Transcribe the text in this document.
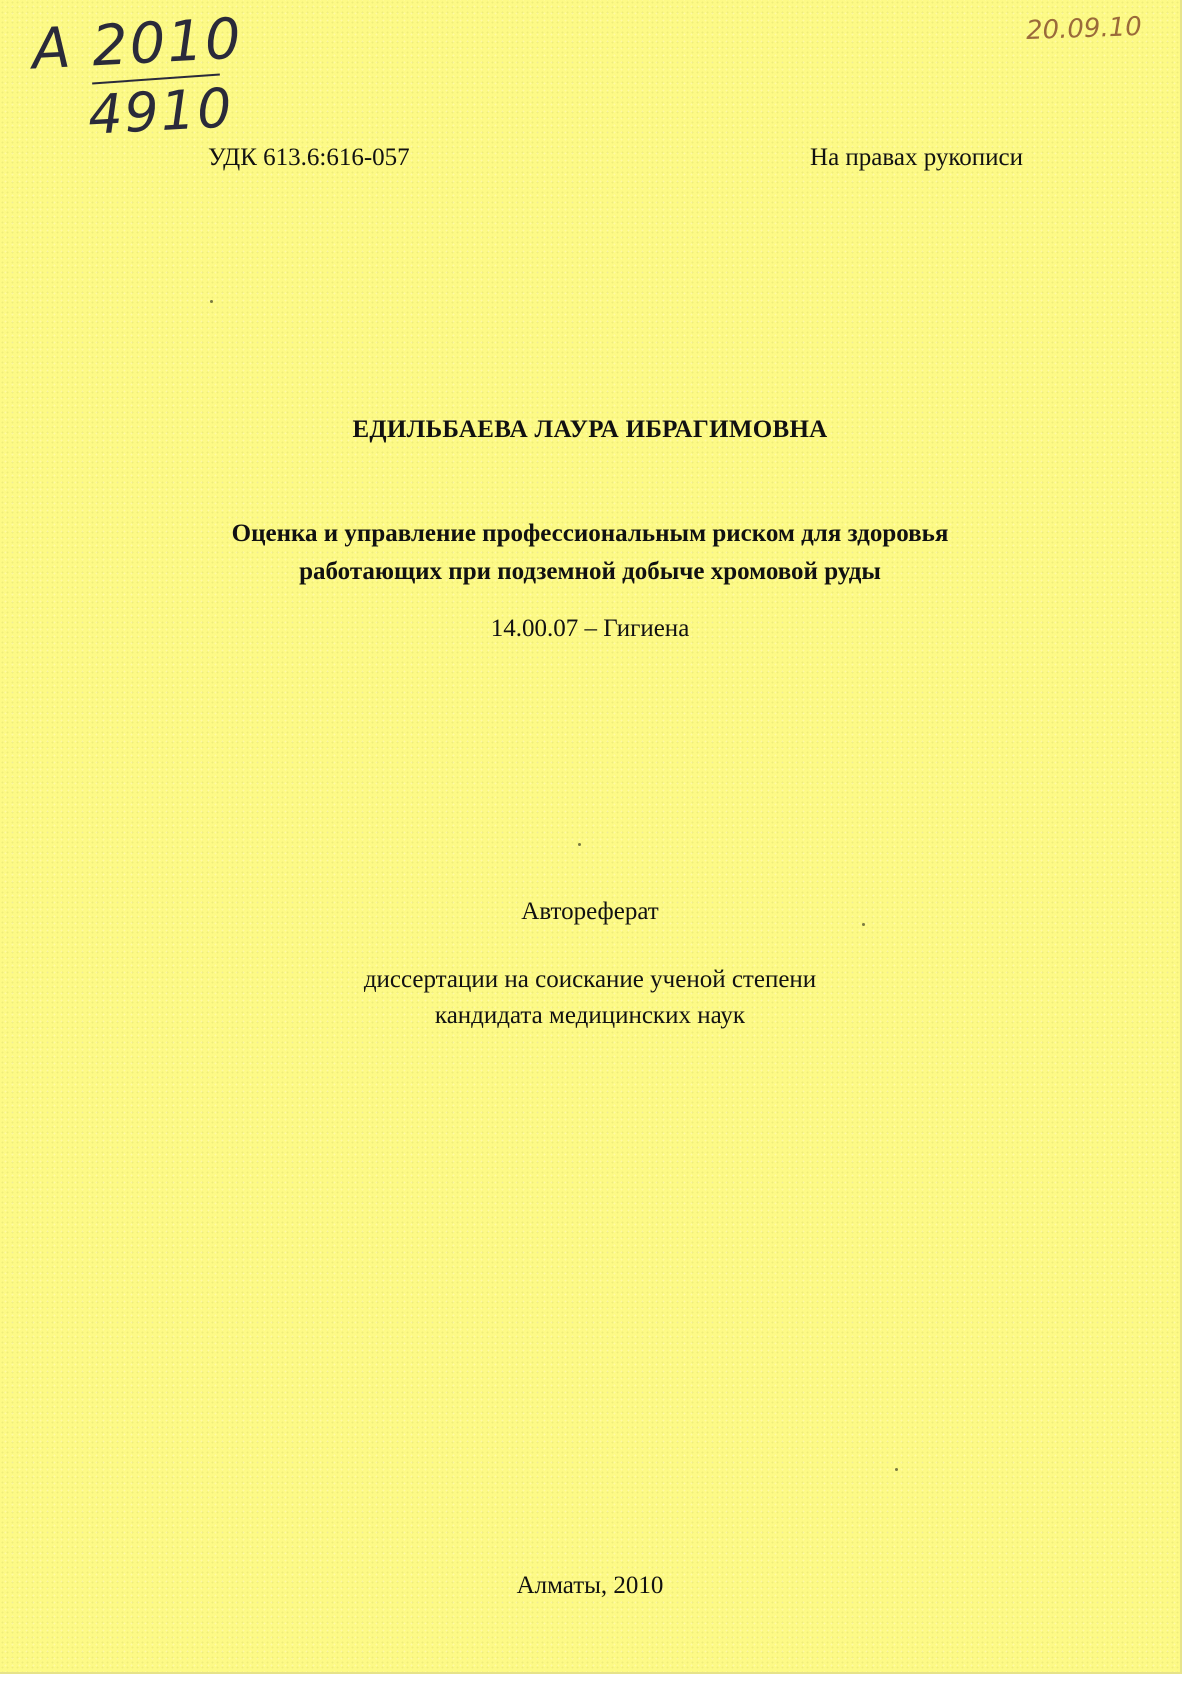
А 2010
4910
20.09.10

УДК 613.6:616-057	На правах рукописи

ЕДИЛЬБАЕВА ЛАУРА ИБРАГИМОВНА

Оценка и управление профессиональным риском для здоровья
работающих при подземной добыче хромовой руды

14.00.07 – Гигиена

Автореферат

диссертации на соискание ученой степени
кандидата медицинских наук

Алматы, 2010
